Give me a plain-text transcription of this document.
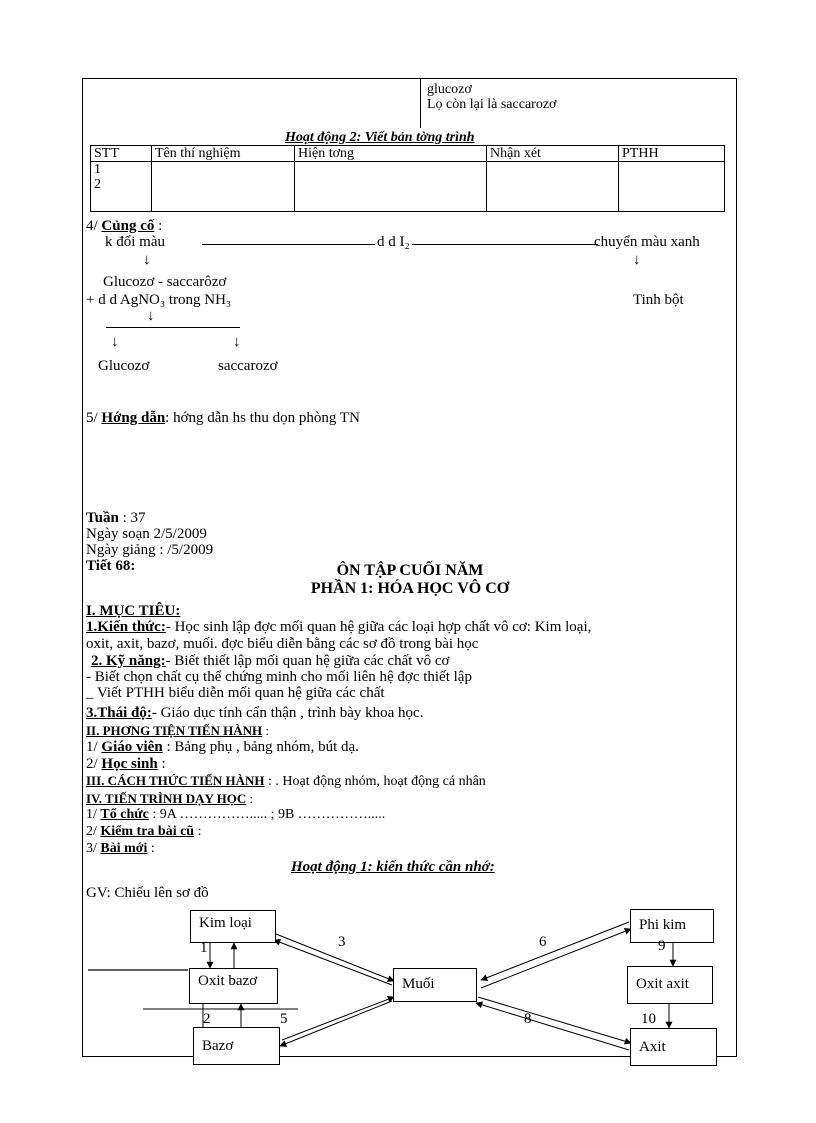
glucozơ
Lọ còn lại là saccarozơ
Hoạt động 2: Viết bản tờng trình
STT	Tên thí nghiệm	Hiện tơng	Nhận xét	PTHH
1
2				
4/ Củng cố :
k đổi màu	d d I₂	chuyển màu xanh
↓	↓
Glucozơ - saccarôzơ
+ d d AgNO₃ trong NH₃	Tinh bột
↓
↓	↓
Glucozơ	saccarozơ
5/ Hớng dẫn: hớng dẫn hs thu dọn phòng TN
Tuần : 37
Ngày soạn 2/5/2009
Ngày giảng : /5/2009
Tiết 68:	ÔN TẬP CUỐI NĂM
PHẦN 1: HÓA HỌC VÔ CƠ
I. MỤC TIÊU:
1.Kiến thức:- Học sinh lập đợc mối quan hệ giữa các loại hợp chất vô cơ: Kim loại,
oxit, axit, bazơ, muối. đợc biểu diễn bằng các sơ đồ trong bài học
2. Kỹ năng:- Biết thiết lập mối quan hệ giữa các chất vô cơ
- Biết chọn chất cụ thể chứng minh cho mối liên hệ đợc thiết lập
_ Viết PTHH biểu diễn mối quan hệ giữa các chất
3.Thái độ:- Giáo dục tính cẩn thận , trình bày khoa học.
II. PHƠNG TIỆN TIẾN HÀNH :
1/ Giáo viên : Bảng phụ , bảng nhóm, bút dạ.
2/ Học sinh :
III. CÁCH THỨC TIẾN HÀNH : . Hoạt động nhóm, hoạt động cá nhân
IV. TIẾN TRÌNH DẠY HỌC :
1/ Tổ chức : 9A ……………..... ; 9B …………….....
2/ Kiểm tra bài cũ :
3/ Bài mới :
Hoạt động 1: kiến thức cần nhớ:
GV: Chiếu lên sơ đồ
Kim loại
Oxit bazơ
Bazơ
Muối
Phi kim
Oxit axit
Axit
1	3	6	9
2	5	8	10
